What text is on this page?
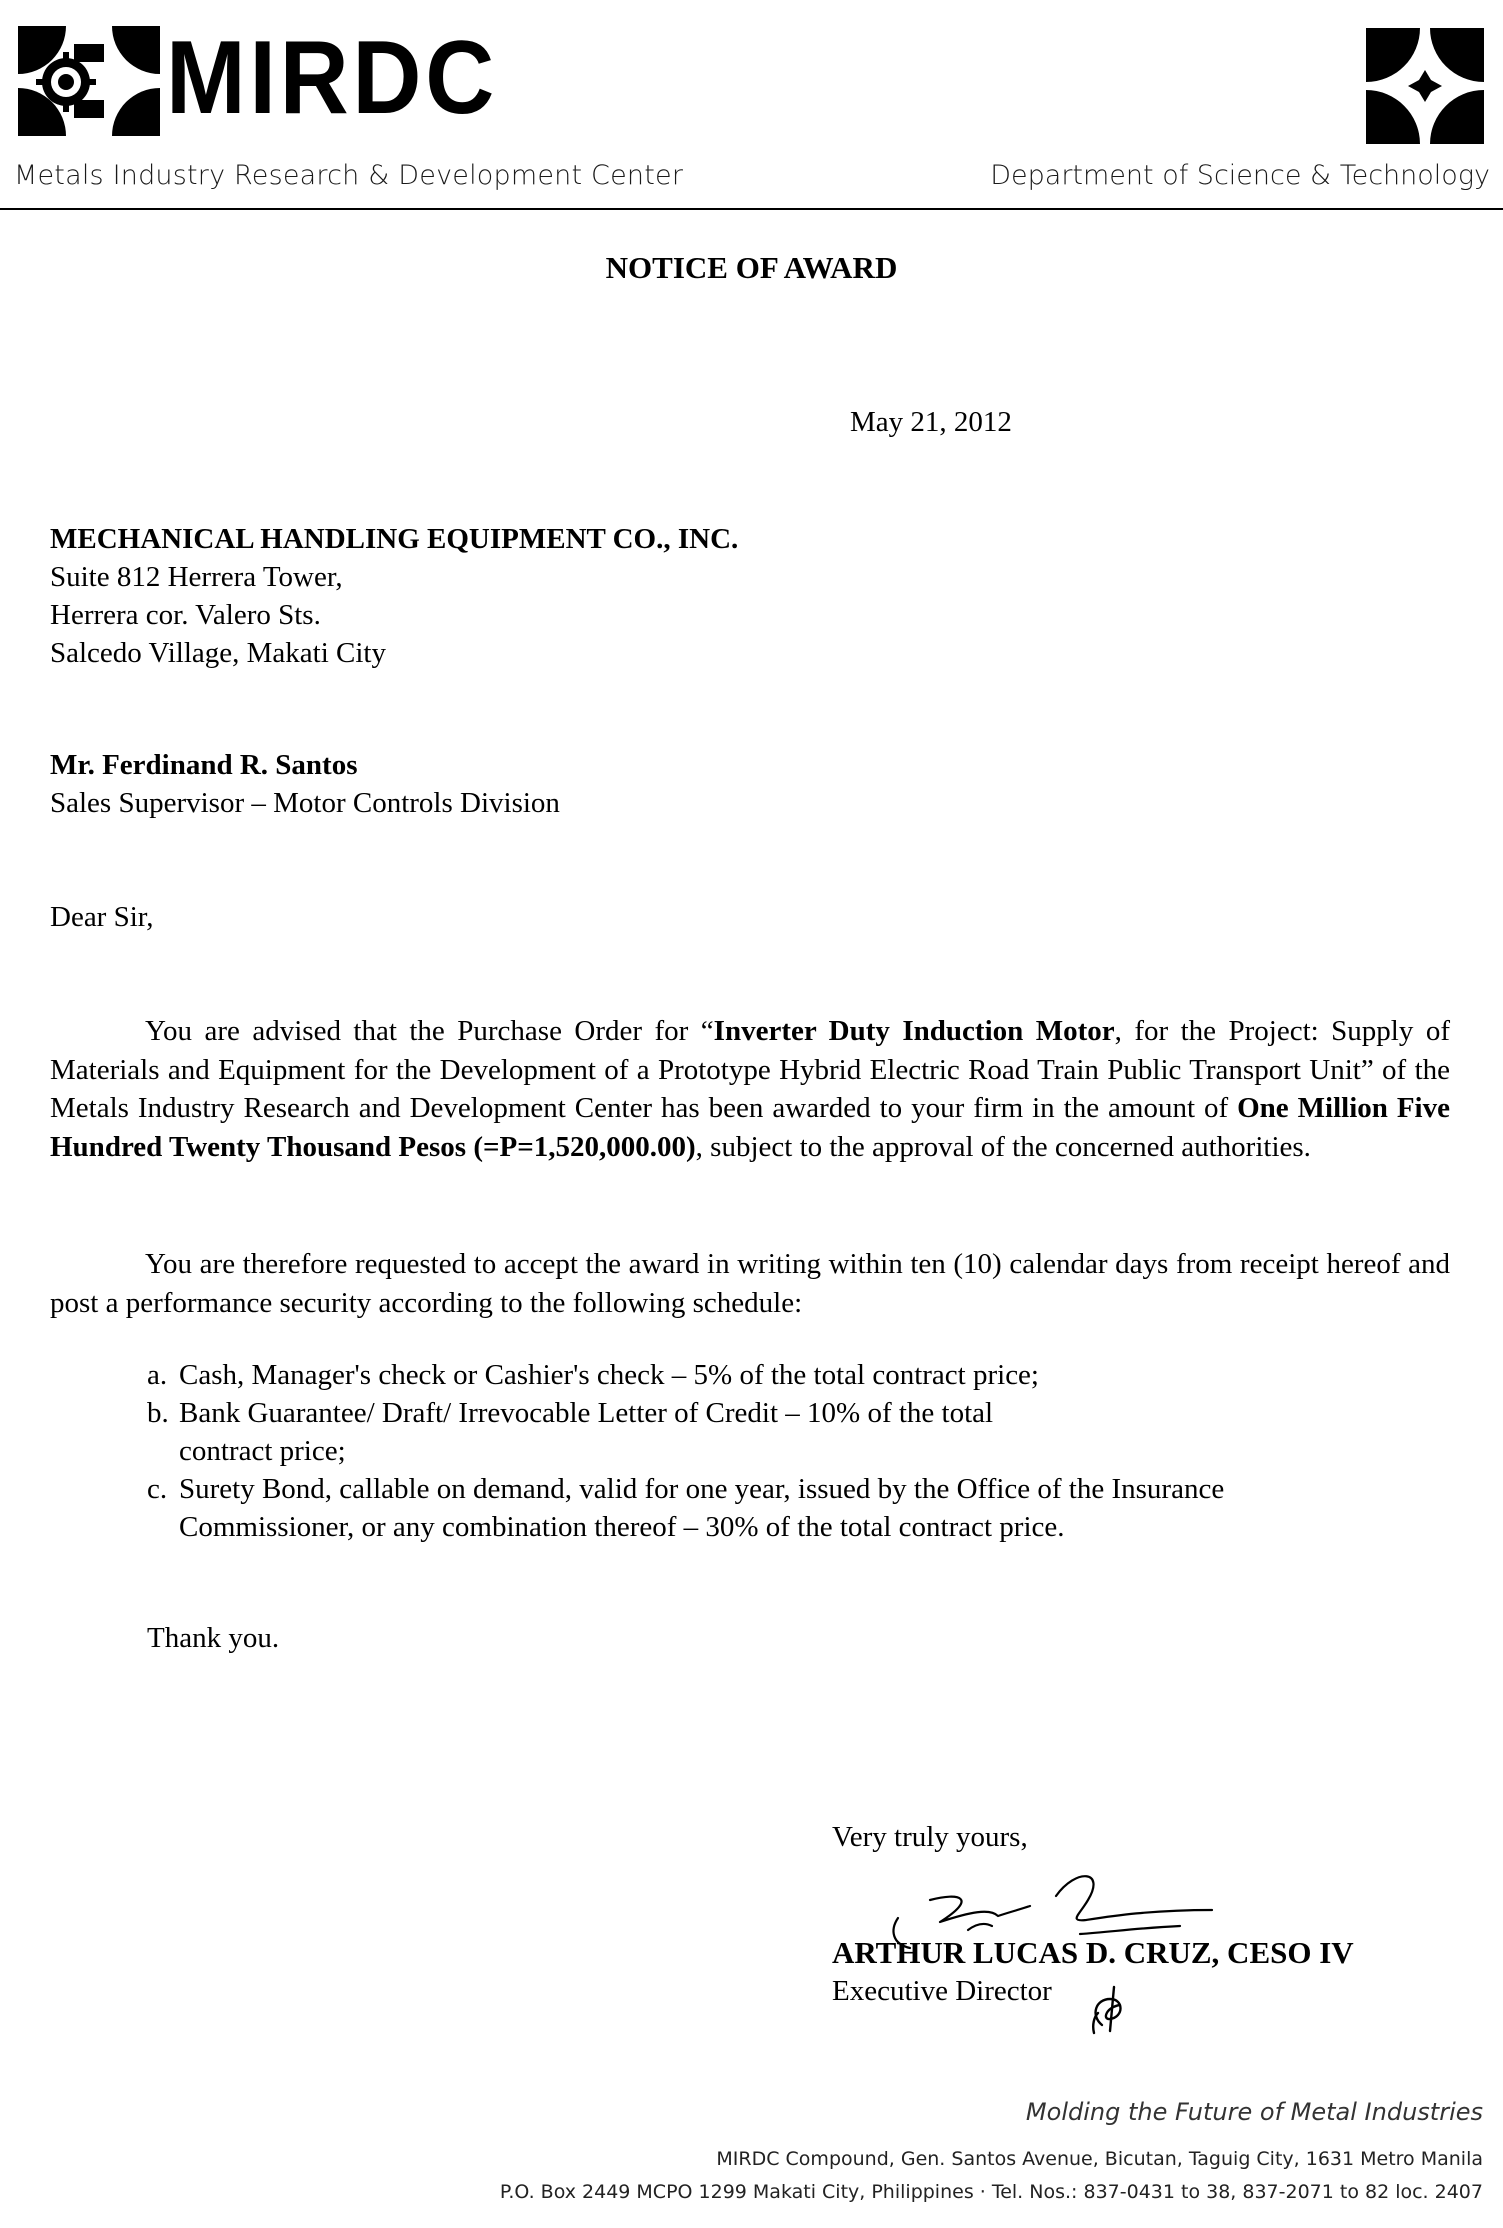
MIRDC
Metals Industry Research & Development Center	Department of Science & Technology
NOTICE OF AWARD
May 21, 2012
MECHANICAL HANDLING EQUIPMENT CO., INC.
Suite 812 Herrera Tower,
Herrera cor. Valero Sts.
Salcedo Village, Makati City
Mr. Ferdinand R. Santos
Sales Supervisor – Motor Controls Division
Dear Sir,
You are advised that the Purchase Order for “Inverter Duty Induction Motor, for the Project: Supply of Materials and Equipment for the Development of a Prototype Hybrid Electric Road Train Public Transport Unit” of the Metals Industry Research and Development Center has been awarded to your firm in the amount of One Million Five Hundred Twenty Thousand Pesos (=P=1,520,000.00), subject to the approval of the concerned authorities.
You are therefore requested to accept the award in writing within ten (10) calendar days from receipt hereof and post a performance security according to the following schedule:
a. Cash, Manager's check or Cashier's check – 5% of the total contract price;
b. Bank Guarantee/ Draft/ Irrevocable Letter of Credit – 10% of the total contract price;
c. Surety Bond, callable on demand, valid for one year, issued by the Office of the Insurance Commissioner, or any combination thereof – 30% of the total contract price.
Thank you.
Very truly yours,
ARTHUR LUCAS D. CRUZ, CESO IV
Executive Director
Molding the Future of Metal Industries
MIRDC Compound, Gen. Santos Avenue, Bicutan, Taguig City, 1631 Metro Manila
P.O. Box 2449 MCPO 1299 Makati City, Philippines · Tel. Nos.: 837-0431 to 38, 837-2071 to 82 loc. 2407
